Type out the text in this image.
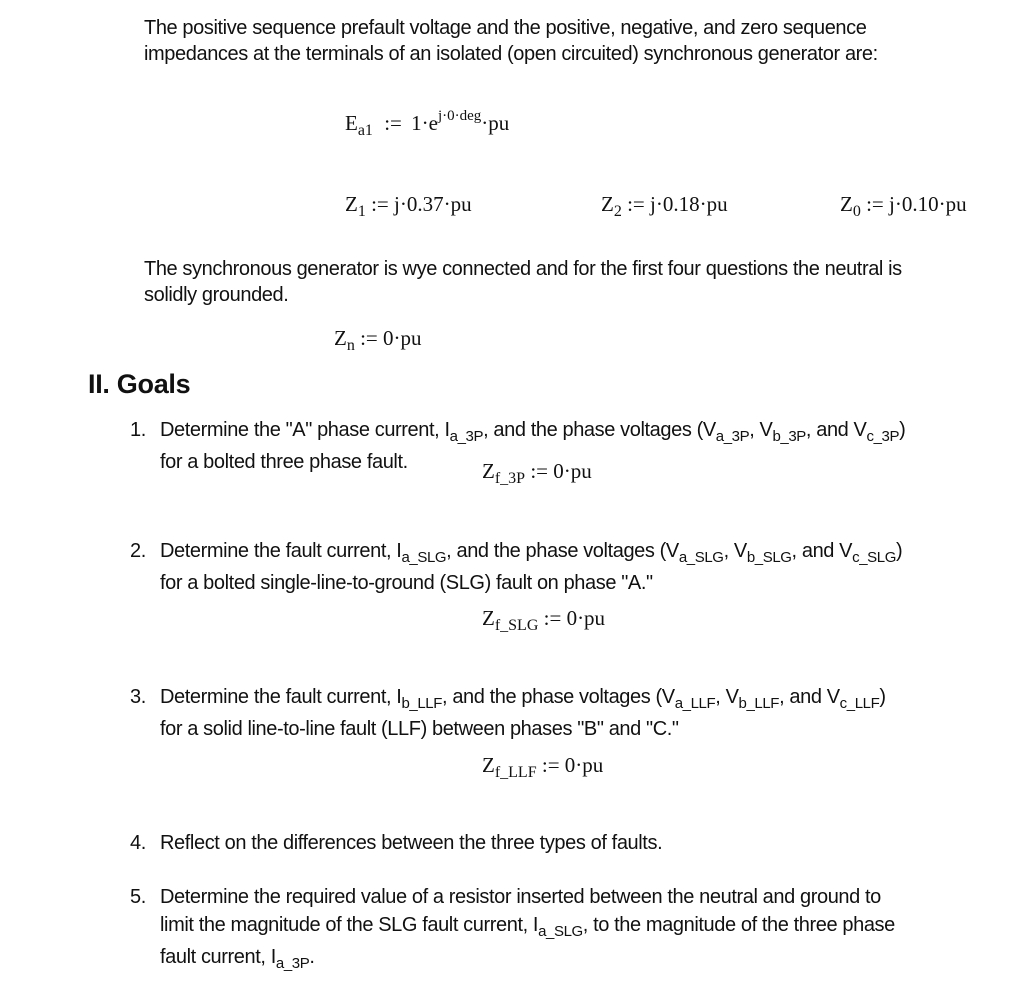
The positive sequence prefault voltage and the positive, negative, and zero sequence
impedances at the terminals of an isolated (open circuited) synchronous generator are:
$E_{a1}$ := $1\cdot e^{j\cdot 0\cdot deg}\cdot pu$
$Z_1$ := j·0.37·pu	$Z_2$ := j·0.18·pu	$Z_0$ := j·0.10·pu
The synchronous generator is wye connected and for the first four questions the neutral is
solidly grounded.
$Z_n$ := 0·pu
II. Goals
1. Determine the "A" phase current, $I_{a\_3P}$, and the phase voltages ($V_{a\_3P}$, $V_{b\_3P}$, and $V_{c\_3P}$)
for a bolted three phase fault.	$Z_{f\_3P}$ := 0·pu
2. Determine the fault current, $I_{a\_SLG}$, and the phase voltages ($V_{a\_SLG}$, $V_{b\_SLG}$, and $V_{c\_SLG}$)
for a bolted single-line-to-ground (SLG) fault on phase "A."
$Z_{f\_SLG}$ := 0·pu
3. Determine the fault current, $I_{b\_LLF}$, and the phase voltages ($V_{a\_LLF}$, $V_{b\_LLF}$, and $V_{c\_LLF}$)
for a solid line-to-line fault (LLF) between phases "B" and "C."
$Z_{f\_LLF}$ := 0·pu
4. Reflect on the differences between the three types of faults.
5. Determine the required value of a resistor inserted between the neutral and ground to
limit the magnitude of the SLG fault current, $I_{a\_SLG}$, to the magnitude of the three phase
fault current, $I_{a\_3P}$.
